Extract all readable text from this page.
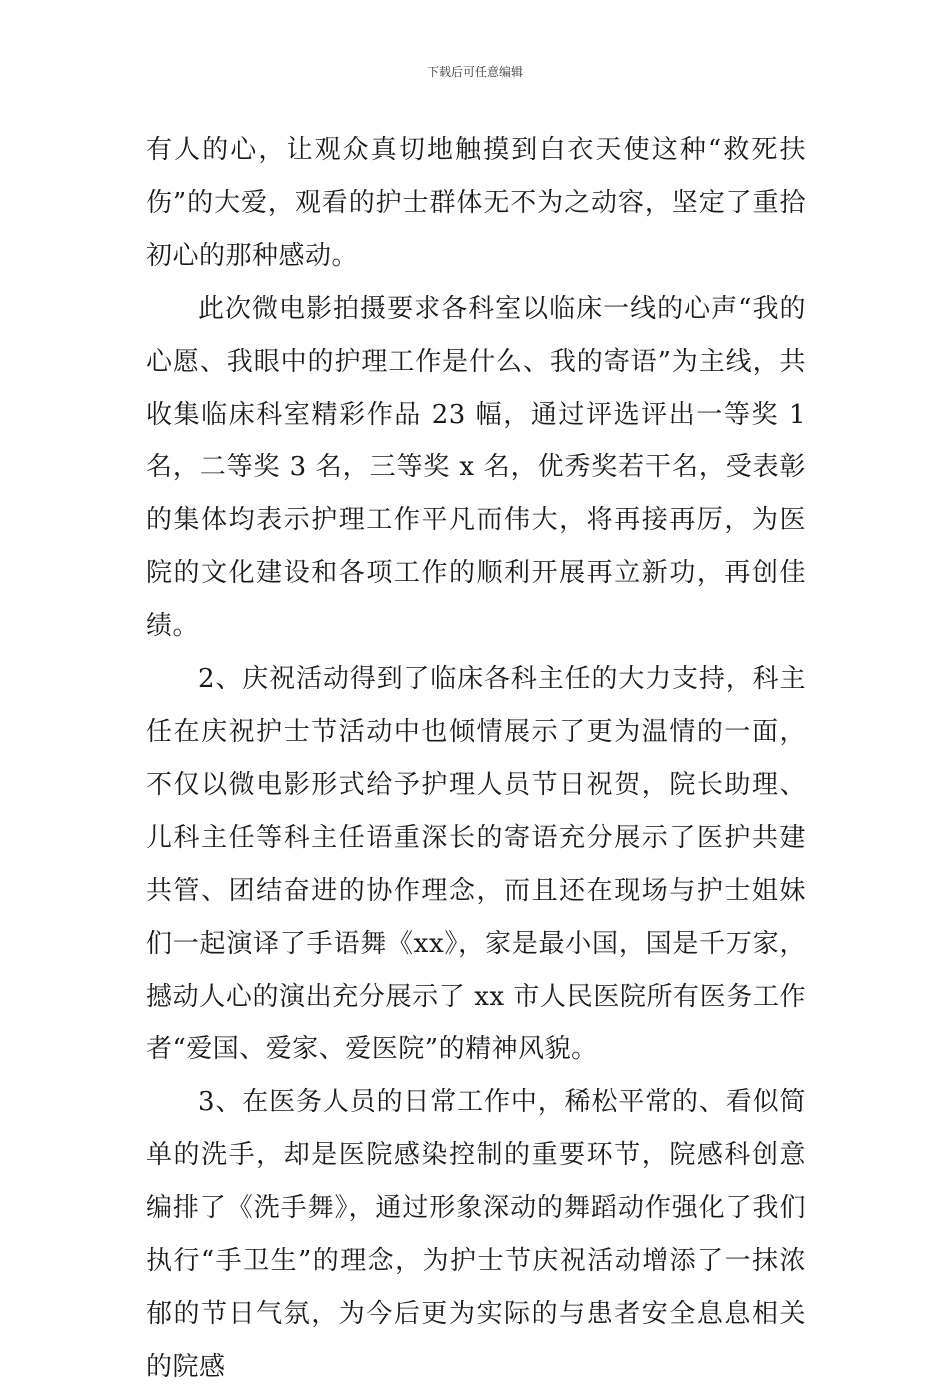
下载后可任意编辑

有人的心，让观众真切地触摸到白衣天使这种“救死扶伤”的大爱，观看的护士群体无不为之动容，坚定了重拾初心的那种感动。

此次微电影拍摄要求各科室以临床一线的心声“我的心愿、我眼中的护理工作是什么、我的寄语”为主线，共收集临床科室精彩作品 23 幅，通过评选评出一等奖 1 名，二等奖 3 名，三等奖 x 名，优秀奖若干名，受表彰的集体均表示护理工作平凡而伟大，将再接再厉，为医院的文化建设和各项工作的顺利开展再立新功，再创佳绩。

2、庆祝活动得到了临床各科主任的大力支持，科主任在庆祝护士节活动中也倾情展示了更为温情的一面，不仅以微电影形式给予护理人员节日祝贺，院长助理、儿科主任等科主任语重深长的寄语充分展示了医护共建共管、团结奋进的协作理念，而且还在现场与护士姐妹们一起演译了手语舞《xx》，家是最小国，国是千万家，撼动人心的演出充分展示了 xx 市人民医院所有医务工作者“爱国、爱家、爱医院”的精神风貌。

3、在医务人员的日常工作中，稀松平常的、看似简单的洗手，却是医院感染控制的重要环节，院感科创意编排了《洗手舞》，通过形象深动的舞蹈动作强化了我们执行“手卫生”的理念，为护士节庆祝活动增添了一抹浓郁的节日气氛，为今后更为实际的与患者安全息息相关的院感
